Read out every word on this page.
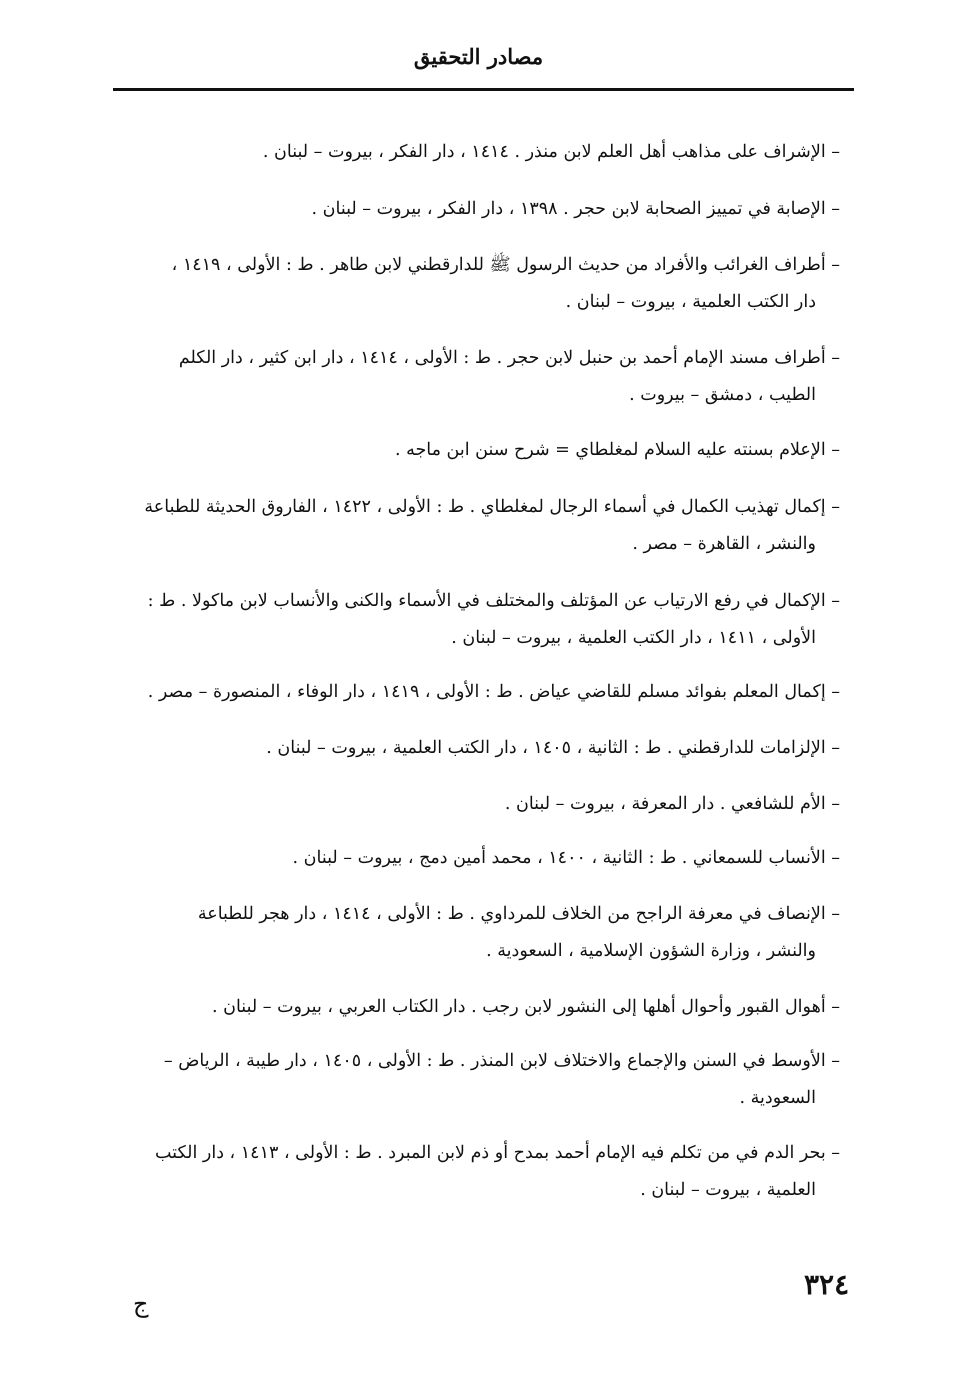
مصادر التحقيق

– الإشراف على مذاهب أهل العلم لابن منذر . ١٤١٤ ، دار الفكر ، بيروت – لبنان .

– الإصابة في تمييز الصحابة لابن حجر . ١٣٩٨ ، دار الفكر ، بيروت – لبنان .

– أطراف الغرائب والأفراد من حديث الرسول ﷺ للدارقطني لابن طاهر . ط : الأولى ، ١٤١٩ ،
دار الكتب العلمية ، بيروت – لبنان .

– أطراف مسند الإمام أحمد بن حنبل لابن حجر . ط : الأولى ، ١٤١٤ ، دار ابن كثير ، دار الكلم
الطيب ، دمشق – بيروت .

– الإعلام بسنته عليه السلام لمغلطاي = شرح سنن ابن ماجه .

– إكمال تهذيب الكمال في أسماء الرجال لمغلطاي . ط : الأولى ، ١٤٢٢ ، الفاروق الحديثة للطباعة
والنشر ، القاهرة – مصر .

– الإكمال في رفع الارتياب عن المؤتلف والمختلف في الأسماء والكنى والأنساب لابن ماكولا . ط :
الأولى ، ١٤١١ ، دار الكتب العلمية ، بيروت – لبنان .

– إكمال المعلم بفوائد مسلم للقاضي عياض . ط : الأولى ، ١٤١٩ ، دار الوفاء ، المنصورة – مصر .

– الإلزامات للدارقطني . ط : الثانية ، ١٤٠٥ ، دار الكتب العلمية ، بيروت – لبنان .

– الأم للشافعي . دار المعرفة ، بيروت – لبنان .

– الأنساب للسمعاني . ط : الثانية ، ١٤٠٠ ، محمد أمين دمج ، بيروت – لبنان .

– الإنصاف في معرفة الراجح من الخلاف للمرداوي . ط : الأولى ، ١٤١٤ ، دار هجر للطباعة
والنشر ، وزارة الشؤون الإسلامية ، السعودية .

– أهوال القبور وأحوال أهلها إلى النشور لابن رجب . دار الكتاب العربي ، بيروت – لبنان .

– الأوسط في السنن والإجماع والاختلاف لابن المنذر . ط : الأولى ، ١٤٠٥ ، دار طيبة ، الرياض –
السعودية .

– بحر الدم في من تكلم فيه الإمام أحمد بمدح أو ذم لابن المبرد . ط : الأولى ، ١٤١٣ ، دار الكتب
العلمية ، بيروت – لبنان .

٣٢٤
ج
